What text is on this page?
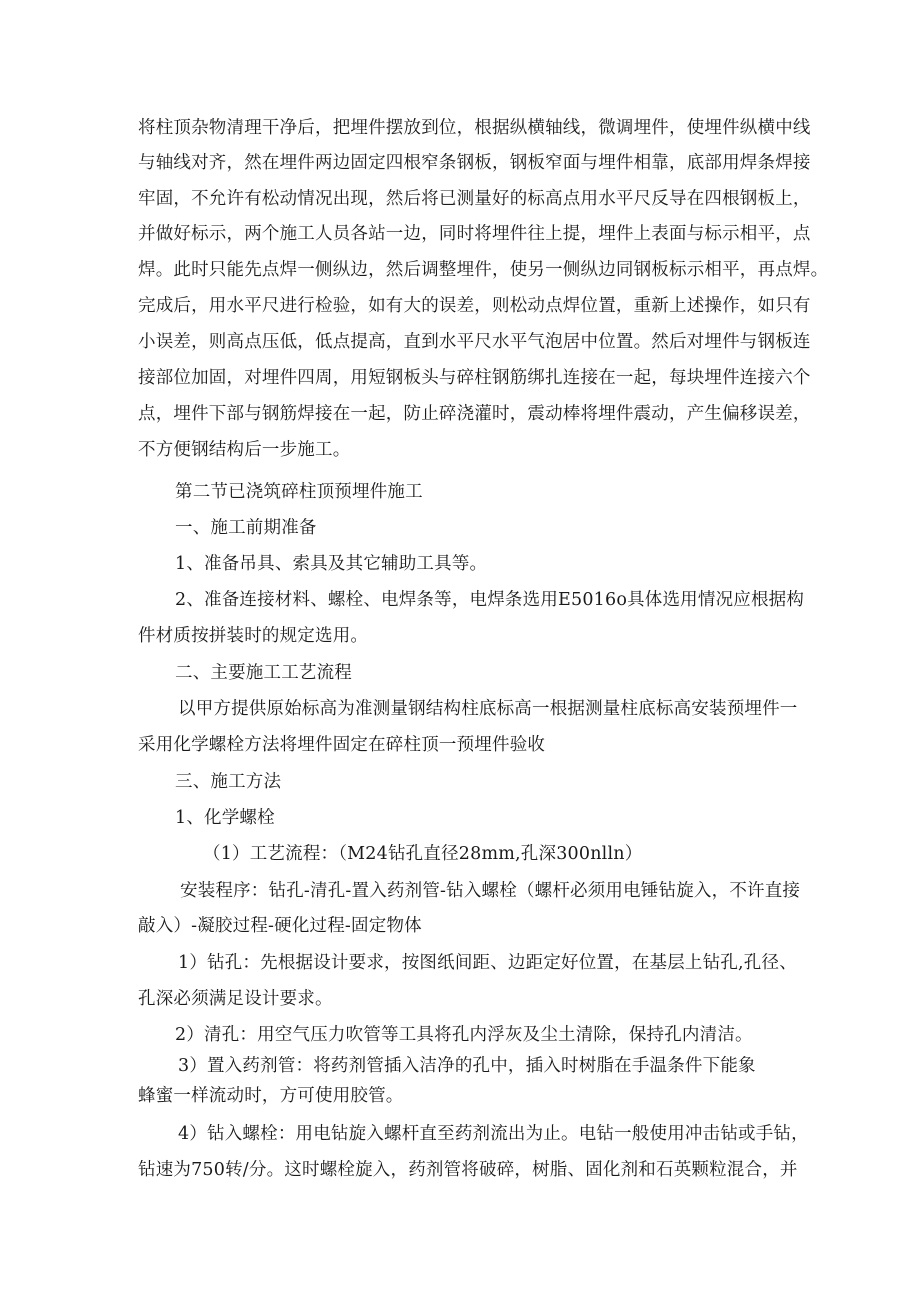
将柱顶杂物清理干净后，把埋件摆放到位，根据纵横轴线，微调埋件，使埋件纵横中线
与轴线对齐，然在埋件两边固定四根窄条钢板，钢板窄面与埋件相靠，底部用焊条焊接
牢固，不允许有松动情况出现，然后将已测量好的标高点用水平尺反导在四根钢板上，
并做好标示，两个施工人员各站一边，同时将埋件往上提，埋件上表面与标示相平，点
焊。此时只能先点焊一侧纵边，然后调整埋件，使另一侧纵边同钢板标示相平，再点焊。
完成后，用水平尺进行检验，如有大的误差，则松动点焊位置，重新上述操作，如只有
小误差，则高点压低，低点提高，直到水平尺水平气泡居中位置。然后对埋件与钢板连
接部位加固，对埋件四周，用短钢板头与碎柱钢筋绑扎连接在一起，每块埋件连接六个
点，埋件下部与钢筋焊接在一起，防止碎浇灌时，震动棒将埋件震动，产生偏移误差，
不方便钢结构后一步施工。
第二节已浇筑碎柱顶预埋件施工
一、施工前期准备
1、准备吊具、索具及其它辅助工具等。
2、准备连接材料、螺栓、电焊条等，电焊条选用E5016o具体选用情况应根据构
件材质按拼装时的规定选用。
二、主要施工工艺流程
以甲方提供原始标高为准测量钢结构柱底标高一根据测量柱底标高安装预埋件一
采用化学螺栓方法将埋件固定在碎柱顶一预埋件验收
三、施工方法
1、化学螺栓
（1）工艺流程：（M24钻孔直径28mm,孔深300nlln）
安装程序：钻孔-清孔-置入药剂管-钻入螺栓（螺杆必须用电锤钻旋入，不许直接
敲入）-凝胶过程-硬化过程-固定物体
1）钻孔：先根据设计要求，按图纸间距、边距定好位置，在基层上钻孔,孔径、
孔深必须满足设计要求。
2）清孔：用空气压力吹管等工具将孔内浮灰及尘土清除，保持孔内清洁。
3）置入药剂管：将药剂管插入洁净的孔中，插入时树脂在手温条件下能象
蜂蜜一样流动时，方可使用胶管。
4）钻入螺栓：用电钻旋入螺杆直至药剂流出为止。电钻一般使用冲击钻或手钻，
钻速为750转/分。这时螺栓旋入，药剂管将破碎，树脂、固化剂和石英颗粒混合，并
